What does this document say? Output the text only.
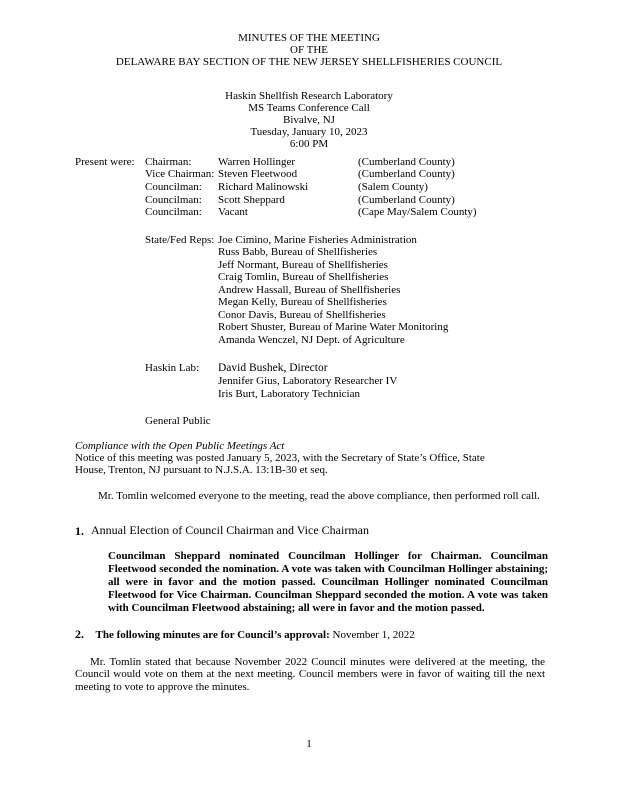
MINUTES OF THE MEETING
OF THE
DELAWARE BAY SECTION OF THE NEW JERSEY SHELLFISHERIES COUNCIL
Haskin Shellfish Research Laboratory
MS Teams Conference Call
Bivalve, NJ
Tuesday, January 10, 2023
6:00 PM
Present were: Chairman: Warren Hollinger	(Cumberland County)
Vice Chairman: Steven Fleetwood	(Cumberland County)
Councilman: Richard Malinowski	(Salem County)
Councilman: Scott Sheppard	(Cumberland County)
Councilman: Vacant	(Cape May/Salem County)
State/Fed Reps: Joe Cimino, Marine Fisheries Administration
Russ Babb, Bureau of Shellfisheries
Jeff Normant, Bureau of Shellfisheries
Craig Tomlin, Bureau of Shellfisheries
Andrew Hassall, Bureau of Shellfisheries
Megan Kelly, Bureau of Shellfisheries
Conor Davis, Bureau of Shellfisheries
Robert Shuster, Bureau of Marine Water Monitoring
Amanda Wenczel, NJ Dept. of Agriculture
Haskin Lab: David Bushek, Director
Jennifer Gius, Laboratory Researcher IV
Iris Burt, Laboratory Technician
General Public
Compliance with the Open Public Meetings Act
Notice of this meeting was posted January 5, 2023, with the Secretary of State’s Office, State House, Trenton, NJ pursuant to N.J.S.A. 13:1B-30 et seq.
Mr. Tomlin welcomed everyone to the meeting, read the above compliance, then performed roll call.
1. Annual Election of Council Chairman and Vice Chairman
Councilman Sheppard nominated Councilman Hollinger for Chairman. Councilman Fleetwood seconded the nomination. A vote was taken with Councilman Hollinger abstaining; all were in favor and the motion passed. Councilman Hollinger nominated Councilman Fleetwood for Vice Chairman. Councilman Sheppard seconded the motion. A vote was taken with Councilman Fleetwood abstaining; all were in favor and the motion passed.
2. The following minutes are for Council’s approval: November 1, 2022
Mr. Tomlin stated that because November 2022 Council minutes were delivered at the meeting, the Council would vote on them at the next meeting. Council members were in favor of waiting till the next meeting to vote to approve the minutes.
1
